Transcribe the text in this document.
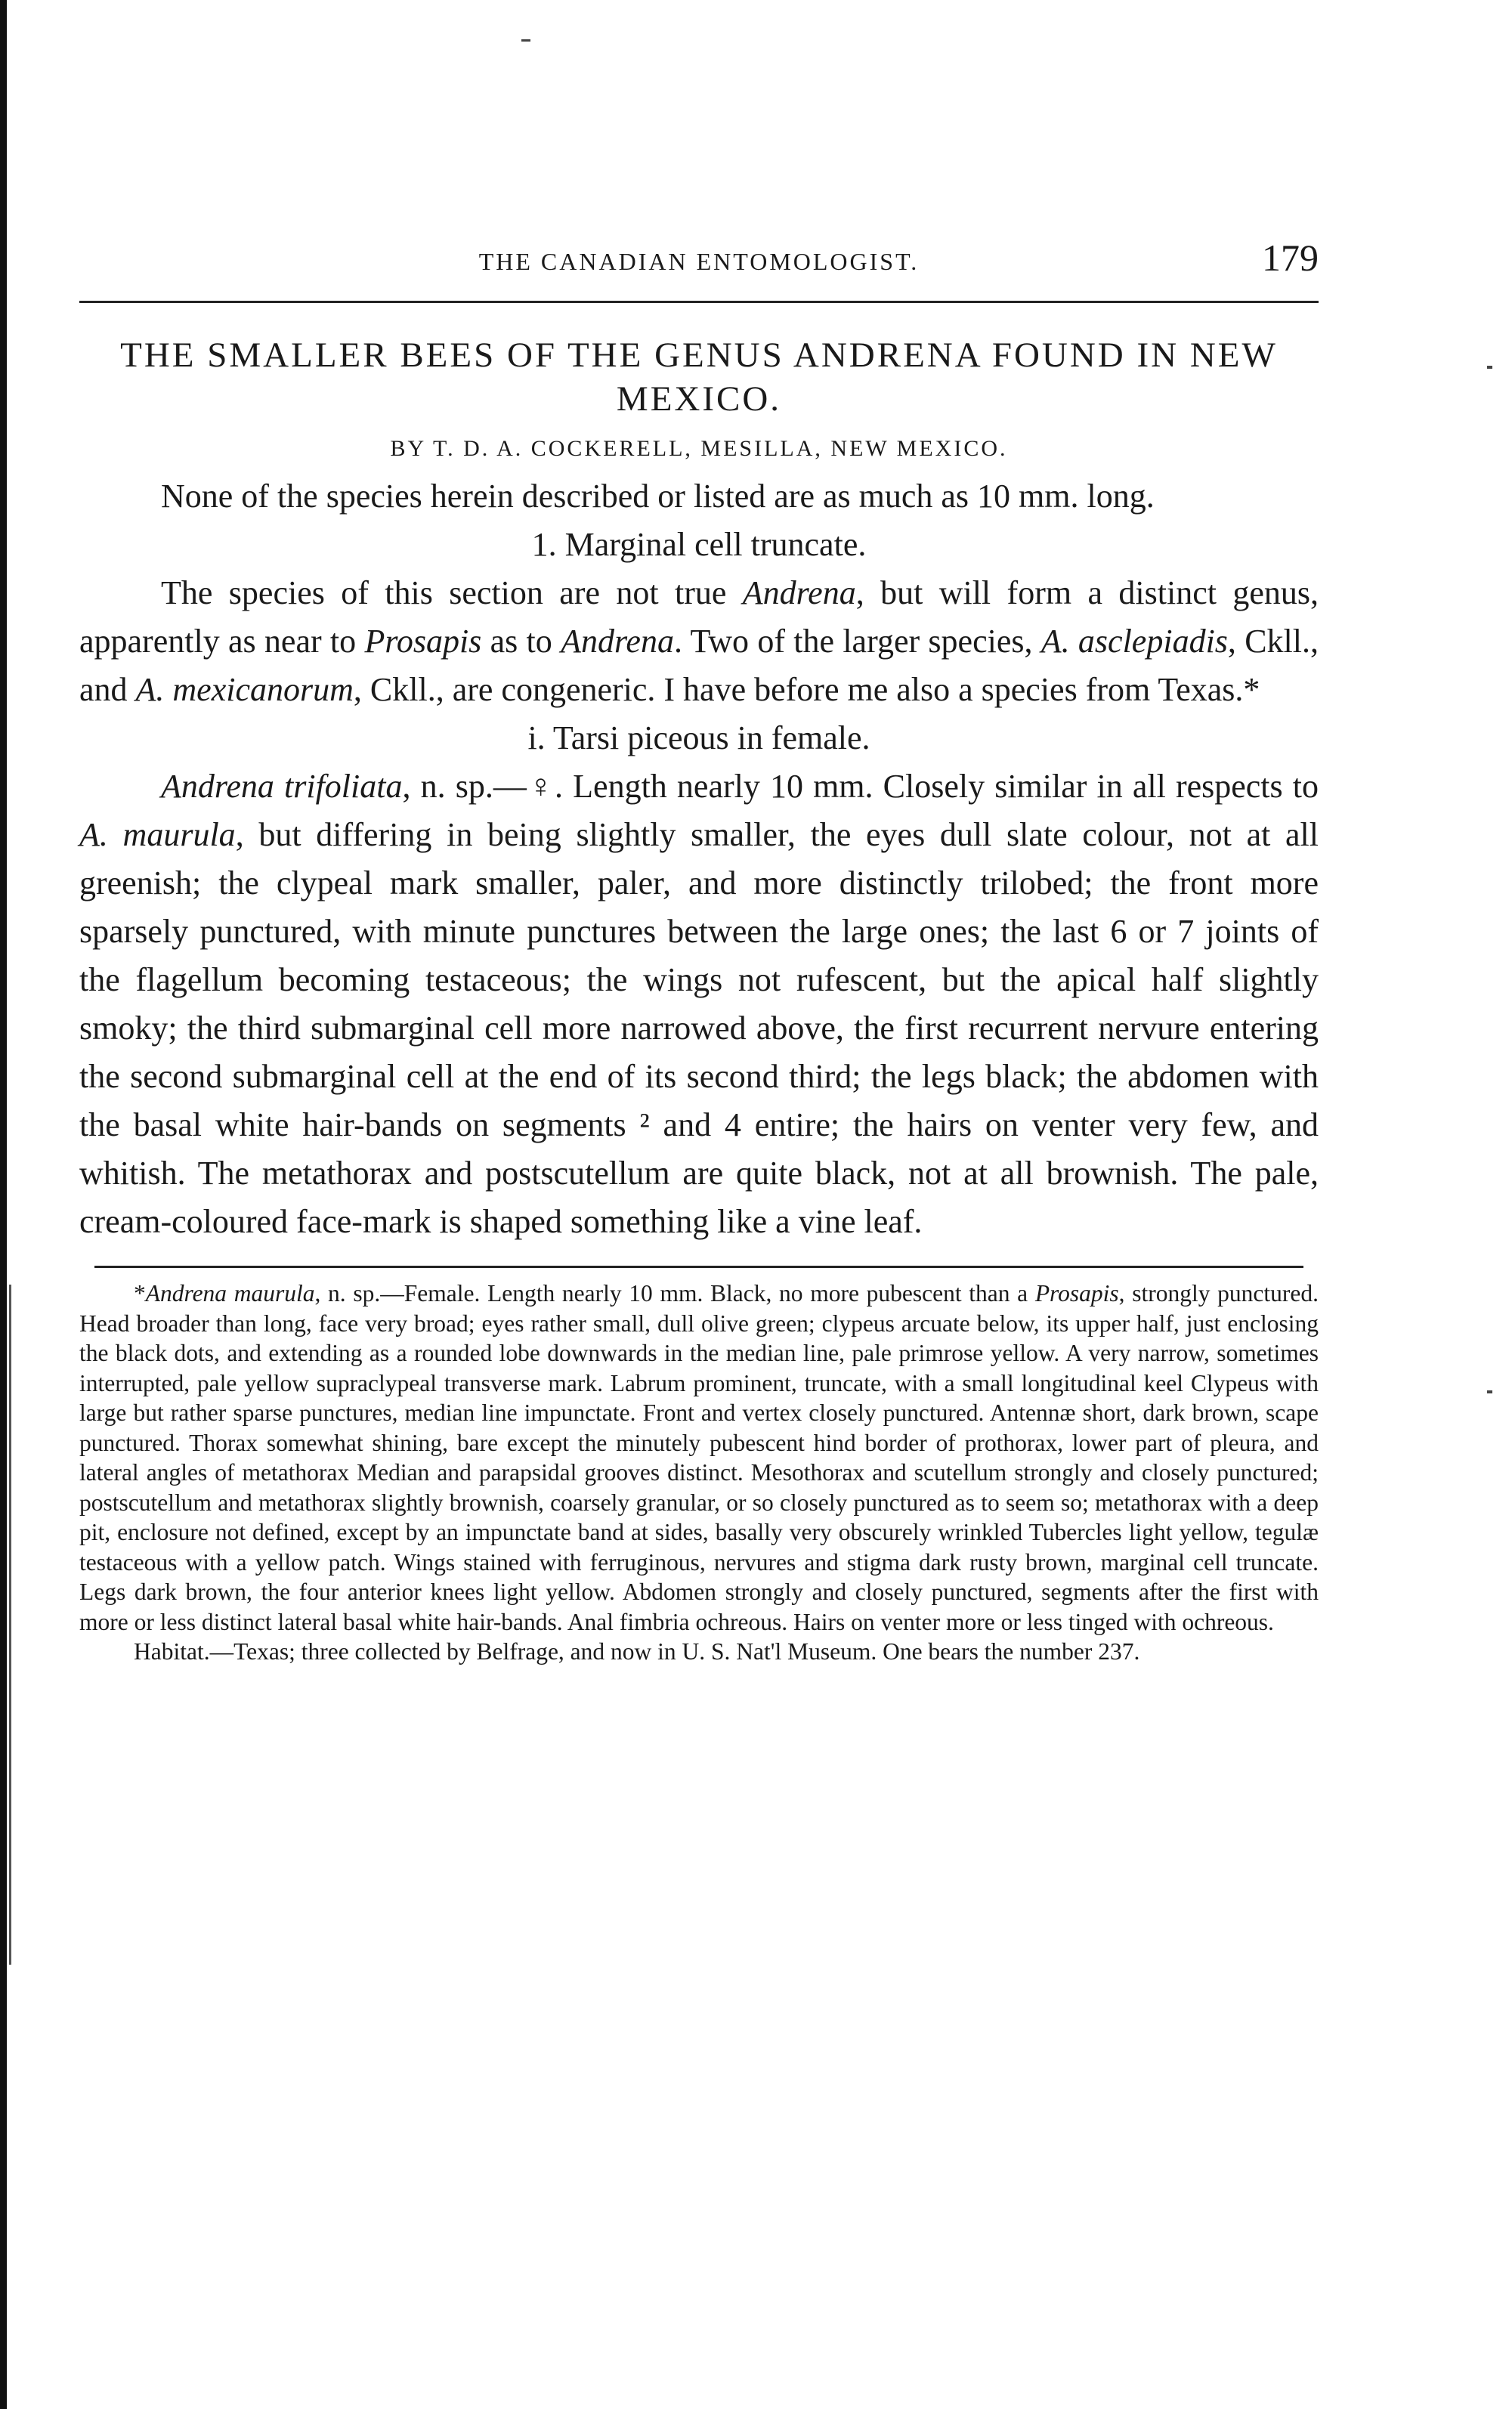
THE CANADIAN ENTOMOLOGIST.	179
THE SMALLER BEES OF THE GENUS ANDRENA FOUND IN NEW MEXICO.
BY T. D. A. COCKERELL, MESILLA, NEW MEXICO.

None of the species herein described or listed are as much as 10 mm. long.

1. Marginal cell truncate.

The species of this section are not true Andrena, but will form a distinct genus, apparently as near to Prosapis as to Andrena. Two of the larger species, A. asclepiadis, Ckll., and A. mexicanorum, Ckll., are congeneric. I have before me also a species from Texas.*

i. Tarsi piceous in female.

Andrena trifoliata, n. sp.—♀. Length nearly 10 mm. Closely similar in all respects to A. maurula, but differing in being slightly smaller, the eyes dull slate colour, not at all greenish; the clypeal mark smaller, paler, and more distinctly trilobed; the front more sparsely punctured, with minute punctures between the large ones; the last 6 or 7 joints of the flagellum becoming testaceous; the wings not rufescent, but the apical half slightly smoky; the third submarginal cell more narrowed above, the first recurrent nervure entering the second submarginal cell at the end of its second third; the legs black; the abdomen with the basal white hair-bands on segments ² and 4 entire; the hairs on venter very few, and whitish. The metathorax and postscutellum are quite black, not at all brownish. The pale, cream-coloured face-mark is shaped something like a vine leaf.

*Andrena maurula, n. sp.—Female. Length nearly 10 mm. Black, no more pubescent than a Prosapis, strongly punctured. Head broader than long, face very broad; eyes rather small, dull olive green; clypeus arcuate below, its upper half, just enclosing the black dots, and extending as a rounded lobe downwards in the median line, pale primrose yellow. A very narrow, sometimes interrupted, pale yellow supraclypeal transverse mark. Labrum prominent, truncate, with a small longitudinal keel Clypeus with large but rather sparse punctures, median line impunctate. Front and vertex closely punctured. Antennæ short, dark brown, scape punctured. Thorax somewhat shining, bare except the minutely pubescent hind border of prothorax, lower part of pleura, and lateral angles of metathorax Median and parapsidal grooves distinct. Mesothorax and scutellum strongly and closely punctured; postscutellum and metathorax slightly brownish, coarsely granular, or so closely punctured as to seem so; metathorax with a deep pit, enclosure not defined, except by an impunctate band at sides, basally very obscurely wrinkled Tubercles light yellow, tegulæ testaceous with a yellow patch. Wings stained with ferruginous, nervures and stigma dark rusty brown, marginal cell truncate. Legs dark brown, the four anterior knees light yellow. Abdomen strongly and closely punctured, segments after the first with more or less distinct lateral basal white hair-bands. Anal fimbria ochreous. Hairs on venter more or less tinged with ochreous.

Habitat.—Texas; three collected by Belfrage, and now in U. S. Nat'l Museum. One bears the number 237.
